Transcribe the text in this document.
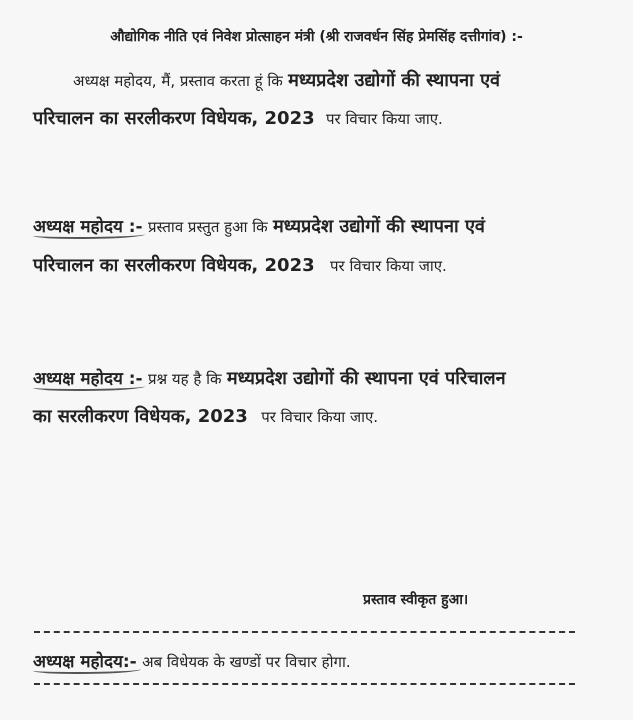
औद्योगिक नीति एवं निवेश प्रोत्साहन मंत्री (श्री राजवर्धन सिंह प्रेमसिंह दत्तीगांव) :-
अध्यक्ष महोदय, मैं, प्रस्ताव करता हूं कि मध्यप्रदेश उद्योगों की स्थापना एवं
परिचालन का सरलीकरण विधेयक, 2023 पर विचार किया जाए.
अध्यक्ष महोदय :- प्रस्ताव प्रस्तुत हुआ कि मध्यप्रदेश उद्योगों की स्थापना एवं
परिचालन का सरलीकरण विधेयक, 2023 पर विचार किया जाए.
अध्यक्ष महोदय :- प्रश्न यह है कि मध्यप्रदेश उद्योगों की स्थापना एवं परिचालन
का सरलीकरण विधेयक, 2023 पर विचार किया जाए.
प्रस्ताव स्वीकृत हुआ।
अध्यक्ष महोदय:- अब विधेयक के खण्डों पर विचार होगा.
